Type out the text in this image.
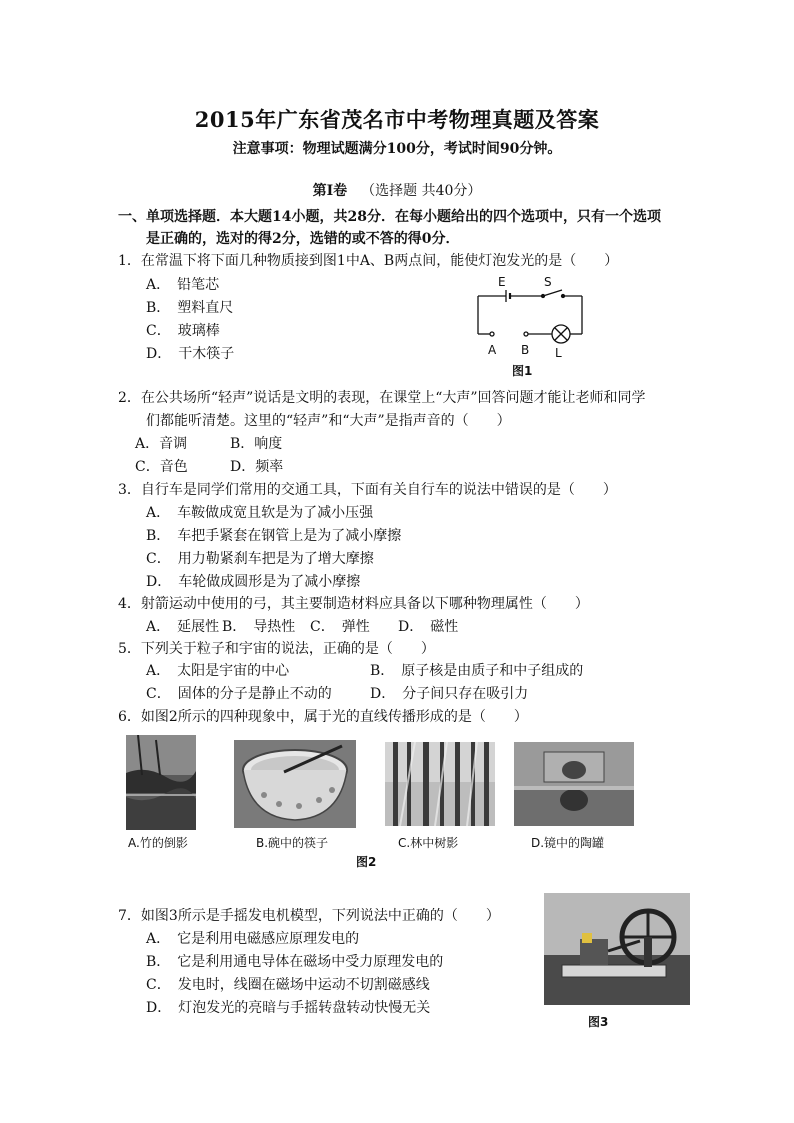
2015年广东省茂名市中考物理真题及答案
注意事项：物理试题满分100分，考试时间90分钟。
第Ⅰ卷 （选择题 共40分）
一、单项选择题．本大题14小题，共28分．在每小题给出的四个选项中，只有一个选项
是正确的，选对的得2分，选错的或不答的得0分．
1．在常温下将下面几种物质接到图1中A、B两点间，能使灯泡发光的是（　　）
A．　铅笔芯
B．　塑料直尺
C．　玻璃棒
D．　干木筷子
E	S
A B L
图1
2．在公共场所“轻声”说话是文明的表现，在课堂上“大声”回答问题才能让老师和同学
们都能听清楚。这里的“轻声”和“大声”是指声音的（　　）
A．音调	B．响度
C．音色	D．频率
3．自行车是同学们常用的交通工具，下面有关自行车的说法中错误的是（　　）
A．　车鞍做成宽且软是为了减小压强
B．　车把手紧套在钢管上是为了减小摩擦
C．　用力勒紧刹车把是为了增大摩擦
D．　车轮做成圆形是为了减小摩擦
4．射箭运动中使用的弓，其主要制造材料应具备以下哪种物理属性（　　）
A．　延展性 B．　导热性 C．　弹性 D．　磁性
5．下列关于粒子和宇宙的说法，正确的是（　　）
A．　太阳是宇宙的中心	B．　原子核是由质子和中子组成的
C．　固体的分子是静止不动的	D．　分子间只存在吸引力
6．如图2所示的四种现象中，属于光的直线传播形成的是（　　）
A.竹的倒影	B.碗中的筷子	C.林中树影	D.镜中的陶罐
图2
7．如图3所示是手摇发电机模型，下列说法中正确的（　　）
A．　它是利用电磁感应原理发电的
B．　它是利用通电导体在磁场中受力原理发电的
C．　发电时，线圈在磁场中运动不切割磁感线
D．　灯泡发光的亮暗与手摇转盘转动快慢无关
图3
